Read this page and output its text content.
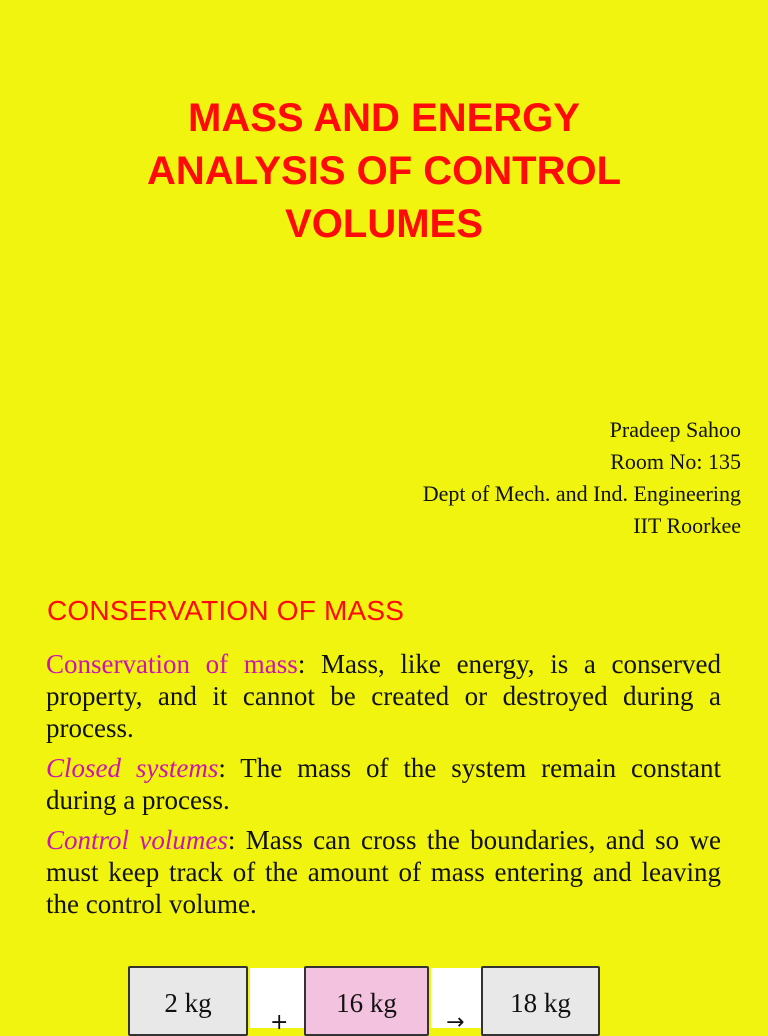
MASS AND ENERGY
ANALYSIS OF CONTROL
VOLUMES
Pradeep Sahoo
Room No: 135
Dept of Mech. and Ind. Engineering
IIT Roorkee
CONSERVATION OF MASS

Conservation of mass: Mass, like energy, is a conserved property, and it cannot be created or destroyed during a process.

Closed systems: The mass of the system remain constant during a process.

Control volumes: Mass can cross the boundaries, and so we must keep track of the amount of mass entering and leaving the control volume.

2 kg	16 kg	18 kg
+	→
